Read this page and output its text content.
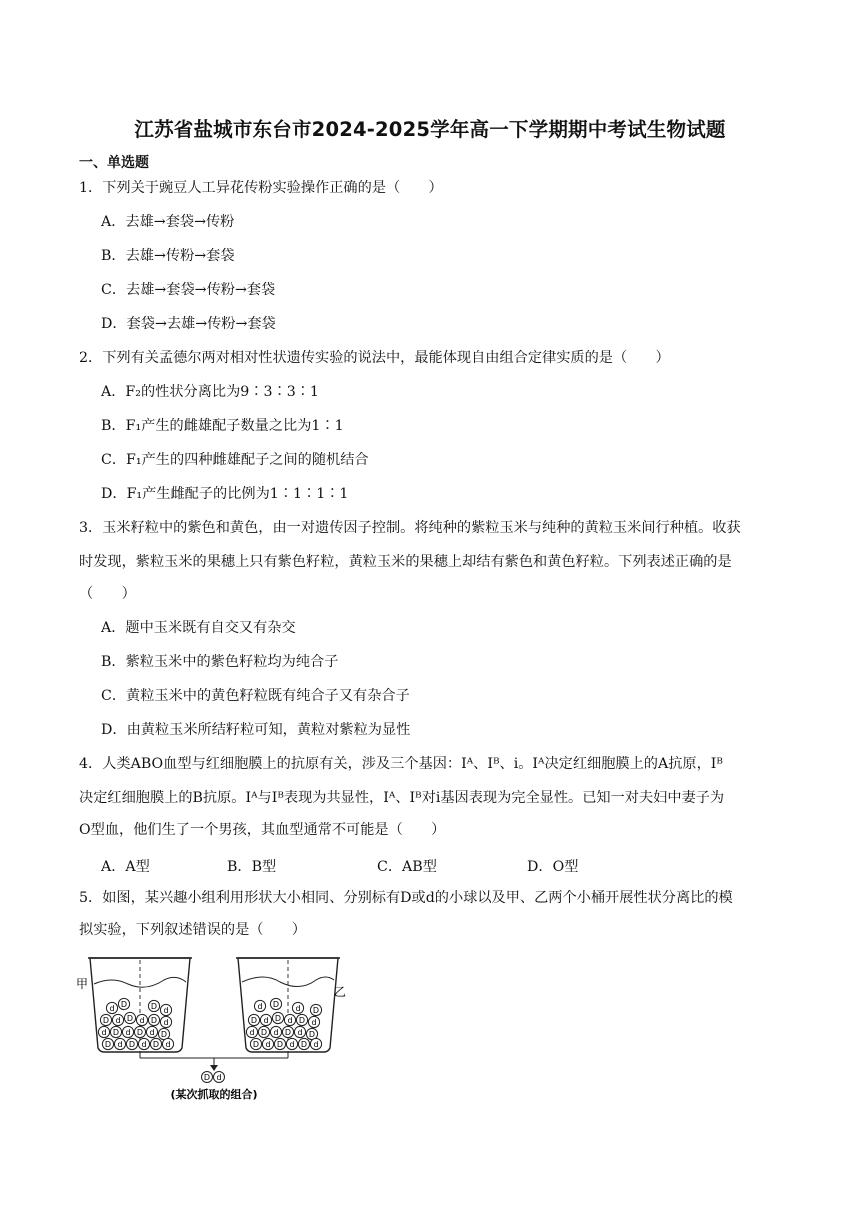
江苏省盐城市东台市2024-2025学年高一下学期期中考试生物试题
一、单选题
1．下列关于豌豆人工异花传粉实验操作正确的是（　　）
A．去雄→套袋→传粉
B．去雄→传粉→套袋
C．去雄→套袋→传粉→套袋
D．套袋→去雄→传粉→套袋
2．下列有关孟德尔两对相对性状遗传实验的说法中，最能体现自由组合定律实质的是（　　）
A．F₂的性状分离比为9∶3∶3∶1
B．F₁产生的雌雄配子数量之比为1∶1
C．F₁产生的四种雌雄配子之间的随机结合
D．F₁产生雌配子的比例为1∶1∶1∶1
3．玉米籽粒中的紫色和黄色，由一对遗传因子控制。将纯种的紫粒玉米与纯种的黄粒玉米间行种植。收获
时发现，紫粒玉米的果穗上只有紫色籽粒，黄粒玉米的果穗上却结有紫色和黄色籽粒。下列表述正确的是
（　　）
A．题中玉米既有自交又有杂交
B．紫粒玉米中的紫色籽粒均为纯合子
C．黄粒玉米中的黄色籽粒既有纯合子又有杂合子
D．由黄粒玉米所结籽粒可知，黄粒对紫粒为显性
4．人类ABO血型与红细胞膜上的抗原有关，涉及三个基因：Iᴬ、Iᴮ、i。Iᴬ决定红细胞膜上的A抗原，Iᴮ
决定红细胞膜上的B抗原。Iᴬ与Iᴮ表现为共显性，Iᴬ、Iᴮ对i基因表现为完全显性。已知一对夫妇中妻子为
O型血，他们生了一个男孩，其血型通常不可能是（　　）
A．A型	B．B型	C．AB型	D．O型
5．如图，某兴趣小组利用形状大小相同、分别标有D或d的小球以及甲、乙两个小桶开展性状分离比的模
拟实验，下列叙述错误的是（　　）
甲
乙
d D	D d
D d D d D d
d D d D d D
D d D d D d
d D d D
D d D d D d
d D d D d D
D d D d D d
D d
(某次抓取的组合)
